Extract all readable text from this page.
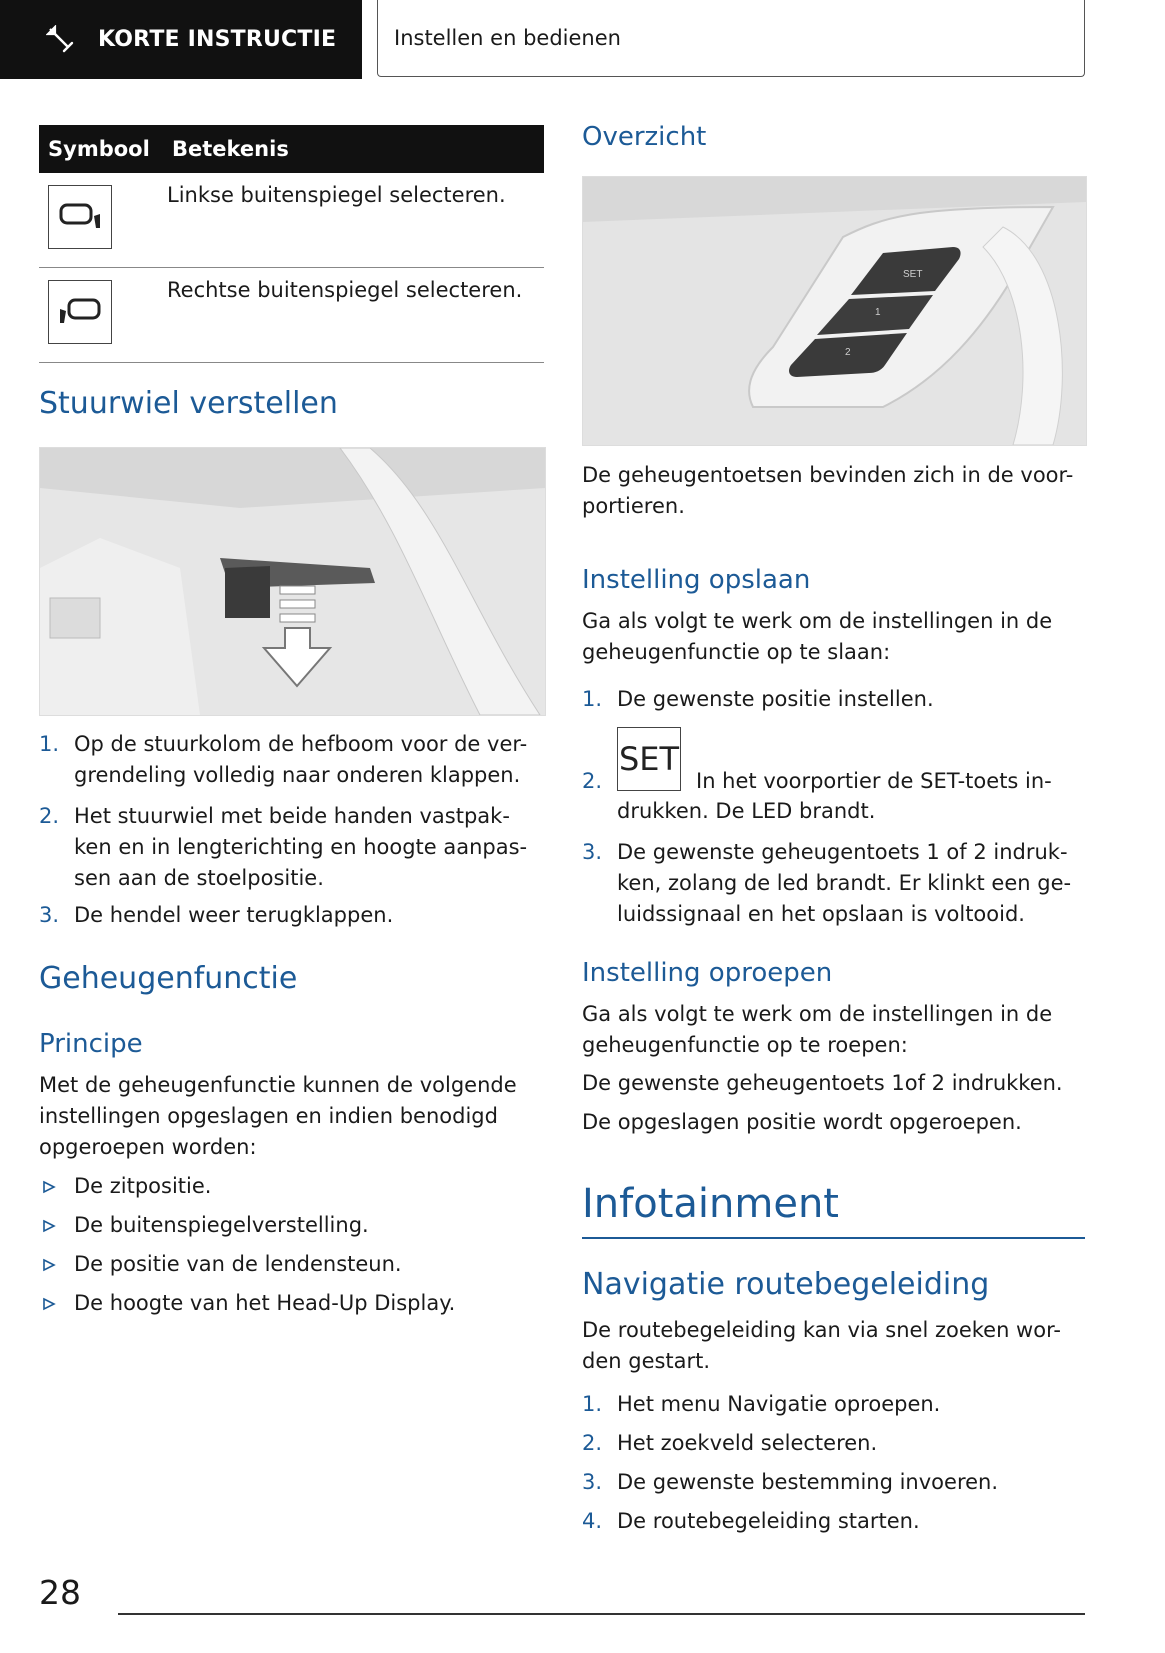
KORTE INSTRUCTIE	Instellen en bedienen
Symbool	Betekenis
Linkse buitenspiegel selecteren.
Rechtse buitenspiegel selecteren.
Stuurwiel verstellen
1. Op de stuurkolom de hefboom voor de ver-
grendeling volledig naar onderen klappen.
2. Het stuurwiel met beide handen vastpak-
ken en in lengterichting en hoogte aanpas-
sen aan de stoelpositie.
3. De hendel weer terugklappen.
Geheugenfunctie
Principe
Met de geheugenfunctie kunnen de volgende
instellingen opgeslagen en indien benodigd
opgeroepen worden:
De zitpositie.
De buitenspiegelverstelling.
De positie van de lendensteun.
De hoogte van het Head-Up Display.
Overzicht
SET
1
2
De geheugentoetsen bevinden zich in de voor-
portieren.
Instelling opslaan
Ga als volgt te werk om de instellingen in de
geheugenfunctie op te slaan:
1. De gewenste positie instellen.
2.
SET
In het voorportier de SET-toets in-
drukken. De LED brandt.
3. De gewenste geheugentoets 1 of 2 indruk-
ken, zolang de led brandt. Er klinkt een ge-
luidssignaal en het opslaan is voltooid.
Instelling oproepen
Ga als volgt te werk om de instellingen in de
geheugenfunctie op te roepen:
De gewenste geheugentoets 1of 2 indrukken.
De opgeslagen positie wordt opgeroepen.
Infotainment
Navigatie routebegeleiding
De routebegeleiding kan via snel zoeken wor-
den gestart.
1. Het menu Navigatie oproepen.
2. Het zoekveld selecteren.
3. De gewenste bestemming invoeren.
4. De routebegeleiding starten.
28
